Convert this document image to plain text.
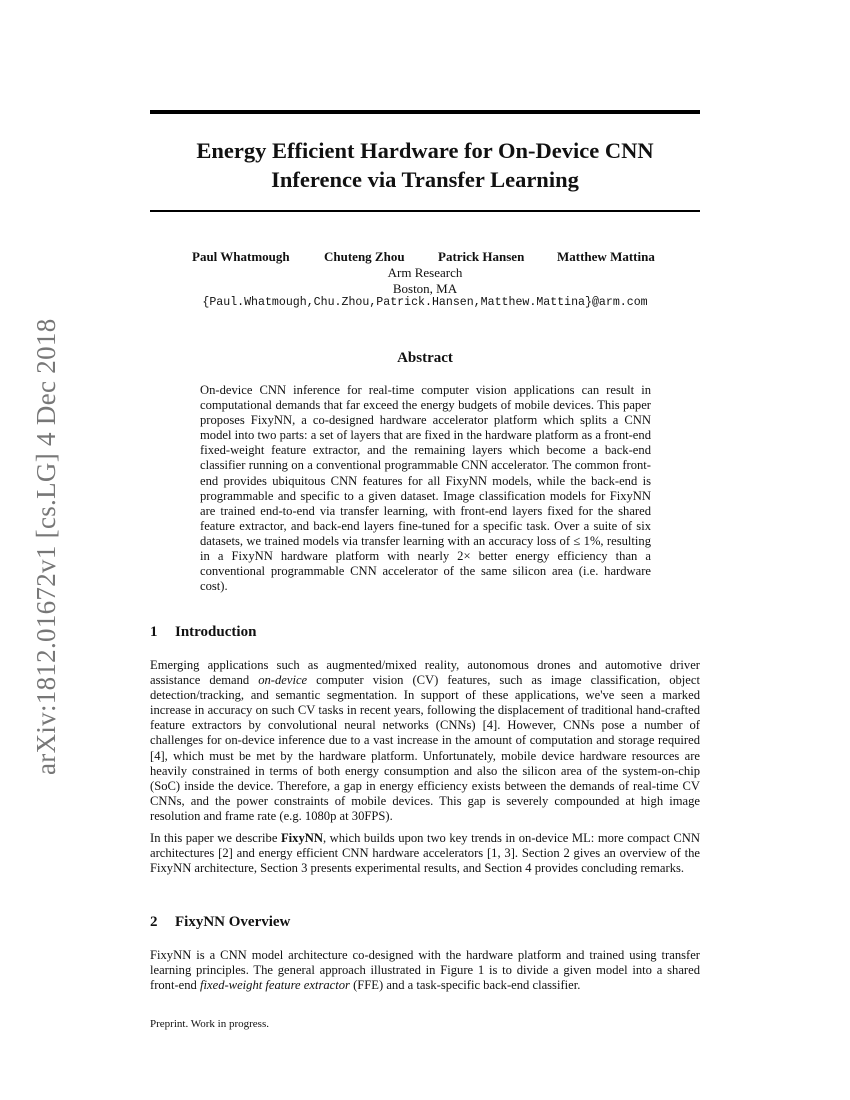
arXiv:1812.01672v1 [cs.LG] 4 Dec 2018
Energy Efficient Hardware for On-Device CNN
Inference via Transfer Learning
Paul Whatmough	Chuteng Zhou	Patrick Hansen	Matthew Mattina
Arm Research
Boston, MA
{Paul.Whatmough,Chu.Zhou,Patrick.Hansen,Matthew.Mattina}@arm.com
Abstract

On-device CNN inference for real-time computer vision applications can result in computational demands that far exceed the energy budgets of mobile devices. This paper proposes FixyNN, a co-designed hardware accelerator platform which splits a CNN model into two parts: a set of layers that are fixed in the hardware platform as a front-end fixed-weight feature extractor, and the remaining layers which become a back-end classifier running on a conventional programmable CNN accelerator. The common front-end provides ubiquitous CNN features for all FixyNN models, while the back-end is programmable and specific to a given dataset. Image classification models for FixyNN are trained end-to-end via transfer learning, with front-end layers fixed for the shared feature extractor, and back-end layers fine-tuned for a specific task. Over a suite of six datasets, we trained models via transfer learning with an accuracy loss of ≤ 1%, resulting in a FixyNN hardware platform with nearly 2× better energy efficiency than a conventional programmable CNN accelerator of the same silicon area (i.e. hardware cost).

1 Introduction

Emerging applications such as augmented/mixed reality, autonomous drones and automotive driver assistance demand on-device computer vision (CV) features, such as image classification, object detection/tracking, and semantic segmentation. In support of these applications, we've seen a marked increase in accuracy on such CV tasks in recent years, following the displacement of traditional hand-crafted feature extractors by convolutional neural networks (CNNs) [4]. However, CNNs pose a number of challenges for on-device inference due to a vast increase in the amount of computation and storage required [4], which must be met by the hardware platform. Unfortunately, mobile device hardware resources are heavily constrained in terms of both energy consumption and also the silicon area of the system-on-chip (SoC) inside the device. Therefore, a gap in energy efficiency exists between the demands of real-time CV CNNs, and the power constraints of mobile devices. This gap is severely compounded at high image resolution and frame rate (e.g. 1080p at 30FPS).

In this paper we describe FixyNN, which builds upon two key trends in on-device ML: more compact CNN architectures [2] and energy efficient CNN hardware accelerators [1, 3]. Section 2 gives an overview of the FixyNN architecture, Section 3 presents experimental results, and Section 4 provides concluding remarks.

2 FixyNN Overview

FixyNN is a CNN model architecture co-designed with the hardware platform and trained using transfer learning principles. The general approach illustrated in Figure 1 is to divide a given model into a shared front-end fixed-weight feature extractor (FFE) and a task-specific back-end classifier.

Preprint. Work in progress.
